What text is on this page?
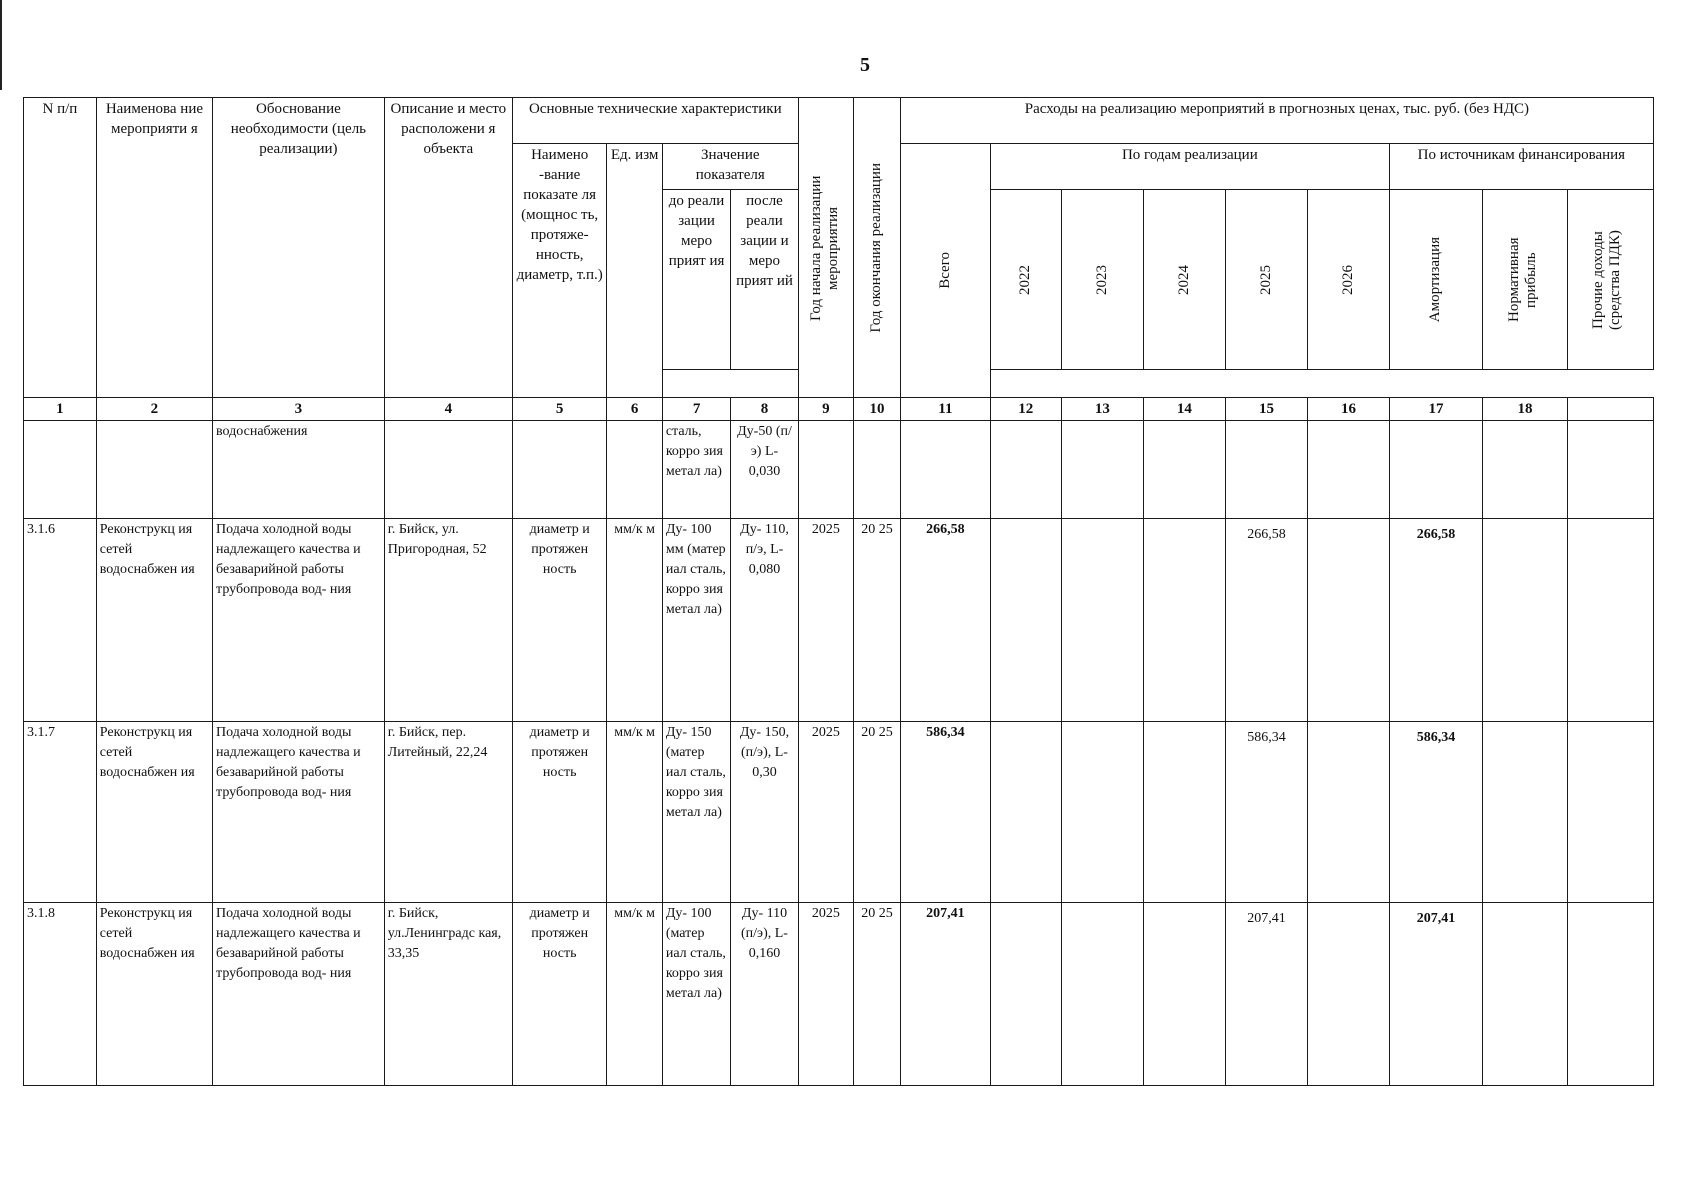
5
N п/п	Наименова ние мероприяти я	Обоснование необходимости (цель реализации)	Описание и место расположени я объекта	Основные технические характеристики				Год начала реализации мероприятия	Год окончания реализации	Расходы на реализацию мероприятий в прогнозных ценах, тыс. руб. (без НДС)								
				Наимено -вание показате ля (мощнос ть, протяже- нность, диаметр, т.п.)	Ед. изм	Значение показателя				Всего	По годам реализации					По источникам финансирования		
						до реали зации меро прият ия	после реали зации и меро прият ий				2022	2023	2024	2025	2026	Амортизация	Нормативная прибыль	Прочие доходы (средства ПДК)

1	2	3	4	5	6	7	8	9	10	11	12	13	14	15	16	17	18	
		водоснабжения				сталь, корро зия метал ла)	Ду-50 (п/э) L- 0,030											
3.1.6	Реконструкц ия сетей водоснабжен ия	Подача холодной воды надлежащего качества и безаварийной работы трубопровода вод- ния	г. Бийск, ул. Пригородная, 52	диаметр и протяжен ность	мм/к м	Ду- 100 мм (матер иал сталь, корро зия метал ла)	Ду- 110, п/э, L- 0,080	2025	20 25	266,58				266,58		266,58		
3.1.7	Реконструкц ия сетей водоснабжен ия	Подача холодной воды надлежащего качества и безаварийной работы трубопровода вод- ния	г. Бийск, пер. Литейный, 22,24	диаметр и протяжен ность	мм/к м	Ду- 150 (матер иал сталь, корро зия метал ла)	Ду- 150, (п/э), L-0,30	2025	20 25	586,34				586,34		586,34		
3.1.8	Реконструкц ия сетей водоснабжен ия	Подача холодной воды надлежащего качества и безаварийной работы трубопровода вод- ния	г. Бийск, ул.Ленинградс кая, 33,35	диаметр и протяжен ность	мм/к м	Ду- 100 (матер иал сталь, корро зия метал ла)	Ду- 110 (п/э), L- 0,160	2025	20 25	207,41				207,41		207,41		
